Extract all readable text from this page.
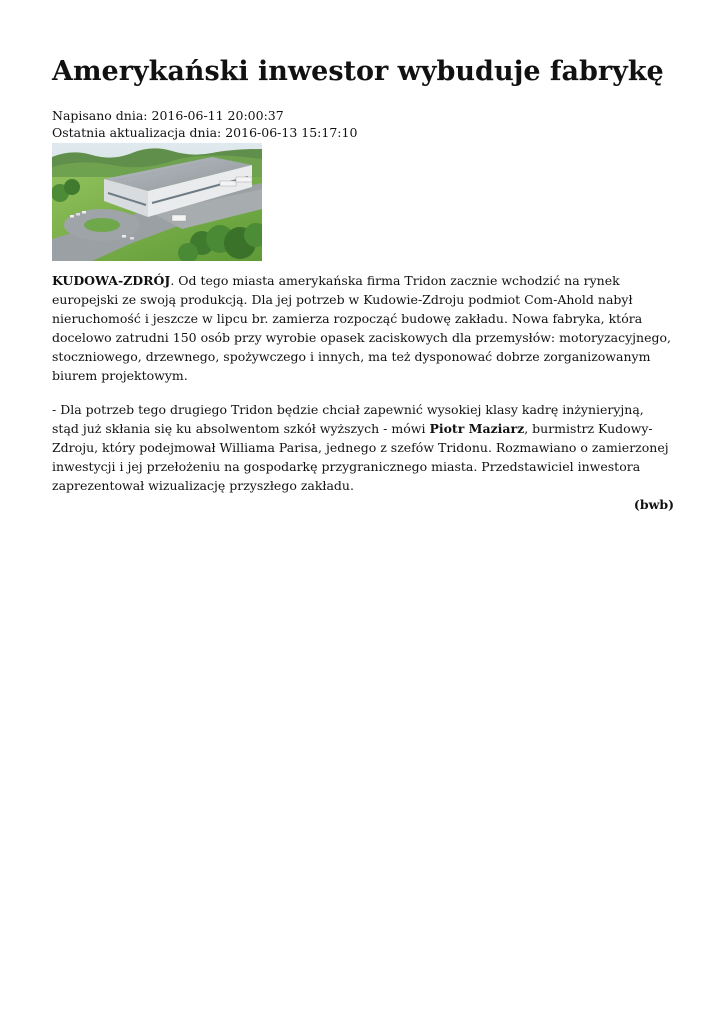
Amerykański inwestor wybuduje fabrykę
Napisano dnia: 2016-06-11 20:00:37
Ostatnia aktualizacja dnia: 2016-06-13 15:17:10

KUDOWA-ZDRÓJ. Od tego miasta amerykańska firma Tridon zacznie wchodzić na rynek europejski ze swoją produkcją. Dla jej potrzeb w Kudowie-Zdroju podmiot Com-Ahold nabył nieruchomość i jeszcze w lipcu br. zamierza rozpocząć budowę zakładu. Nowa fabryka, która docelowo zatrudni 150 osób przy wyrobie opasek zaciskowych dla przemysłów: motoryzacyjnego, stoczniowego, drzewnego, spożywczego i innych, ma też dysponować dobrze zorganizowanym biurem projektowym.

- Dla potrzeb tego drugiego Tridon będzie chciał zapewnić wysokiej klasy kadrę inżynieryjną, stąd już skłania się ku absolwentom szkół wyższych - mówi Piotr Maziarz, burmistrz Kudowy-Zdroju, który podejmował Williama Parisa, jednego z szefów Tridonu. Rozmawiano o zamierzonej inwestycji i jej przełożeniu na gospodarkę przygranicznego miasta. Przedstawiciel inwestora zaprezentował wizualizację przyszłego zakładu.

(bwb)
